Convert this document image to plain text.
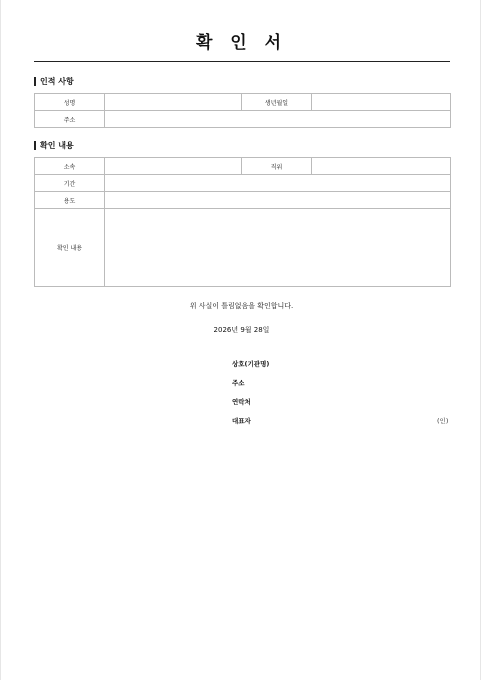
확 인 서
인적 사항
성명		생년월일	
주소			
확인 내용
소속		직위	
기간			
용도			
확인 내용			
위 사실이 틀림없음을 확인합니다.
2026년 9월 28일
상호(기관명)
주소
연락처
대표자	(인)
